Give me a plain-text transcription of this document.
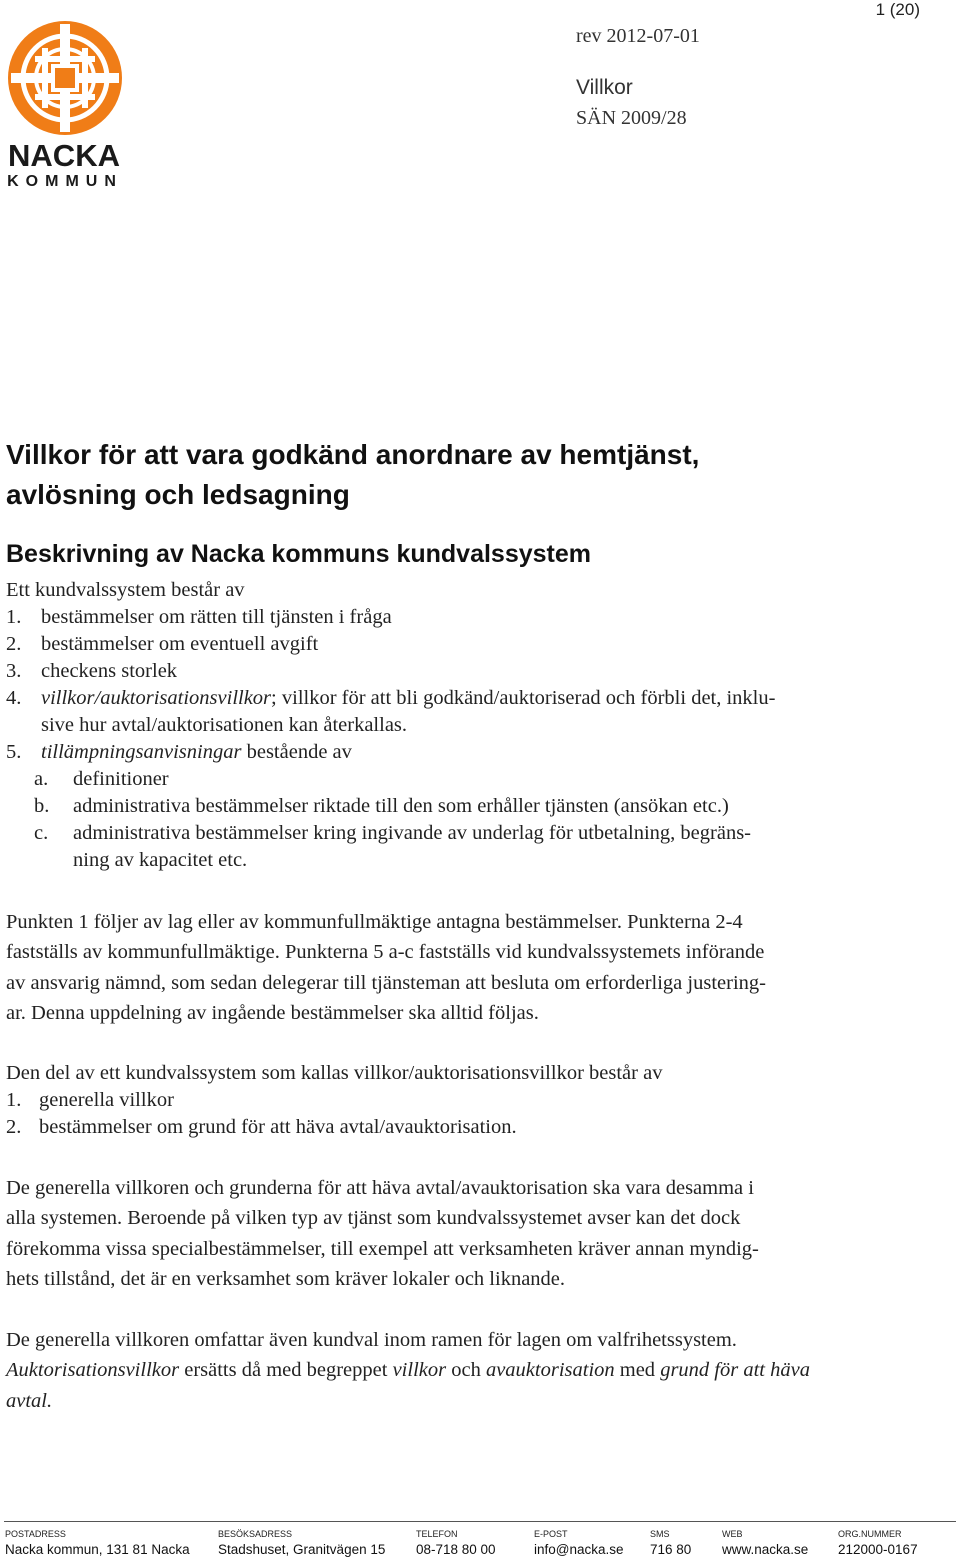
1 (20)
NACKA
KOMMUN
rev 2012-07-01
Villkor
SÄN 2009/28
Villkor för att vara godkänd anordnare av hemtjänst,
avlösning och ledsagning
Beskrivning av Nacka kommuns kundvalssystem
Ett kundvalssystem består av
1. bestämmelser om rätten till tjänsten i fråga
2. bestämmelser om eventuell avgift
3. checkens storlek
4. villkor/auktorisationsvillkor; villkor för att bli godkänd/auktoriserad och förbli det, inklu-
sive hur avtal/auktorisationen kan återkallas.
5. tillämpningsanvisningar bestående av
a. definitioner
b. administrativa bestämmelser riktade till den som erhåller tjänsten (ansökan etc.)
c. administrativa bestämmelser kring ingivande av underlag för utbetalning, begräns-
ning av kapacitet etc.
Punkten 1 följer av lag eller av kommunfullmäktige antagna bestämmelser. Punkterna 2-4
fastställs av kommunfullmäktige. Punkterna 5 a-c fastställs vid kundvalssystemets införande
av ansvarig nämnd, som sedan delegerar till tjänsteman att besluta om erforderliga justering-
ar. Denna uppdelning av ingående bestämmelser ska alltid följas.
Den del av ett kundvalssystem som kallas villkor/auktorisationsvillkor består av
1. generella villkor
2. bestämmelser om grund för att häva avtal/avauktorisation.
De generella villkoren och grunderna för att häva avtal/avauktorisation ska vara desamma i
alla systemen. Beroende på vilken typ av tjänst som kundvalssystemet avser kan det dock
förekomma vissa specialbestämmelser, till exempel att verksamheten kräver annan myndig-
hets tillstånd, det är en verksamhet som kräver lokaler och liknande.
De generella villkoren omfattar även kundval inom ramen för lagen om valfrihetssystem.
Auktorisationsvillkor ersätts då med begreppet villkor och avauktorisation med grund för att häva
avtal.
POSTADRESS
Nacka kommun, 131 81 Nacka
BESÖKSADRESS
Stadshuset, Granitvägen 15
TELEFON
08-718 80 00
E-POST
info@nacka.se
SMS
716 80
WEB
www.nacka.se
ORG.NUMMER
212000-0167
